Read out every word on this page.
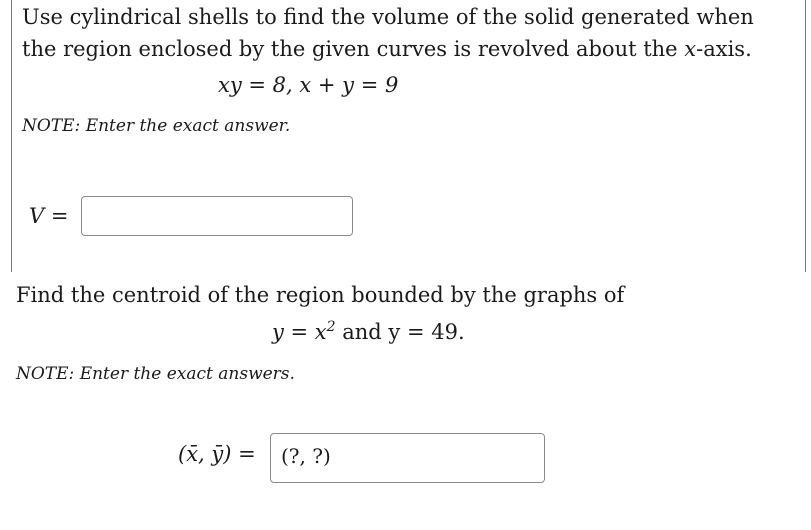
Use cylindrical shells to find the volume of the solid generated when
the region enclosed by the given curves is revolved about the x-axis.
xy = 8, x + y = 9
NOTE: Enter the exact answer.
V =
Find the centroid of the region bounded by the graphs of
$y = x^2$ and y = 49.
NOTE: Enter the exact answers.
(x̄, ȳ) =	(?, ?)
